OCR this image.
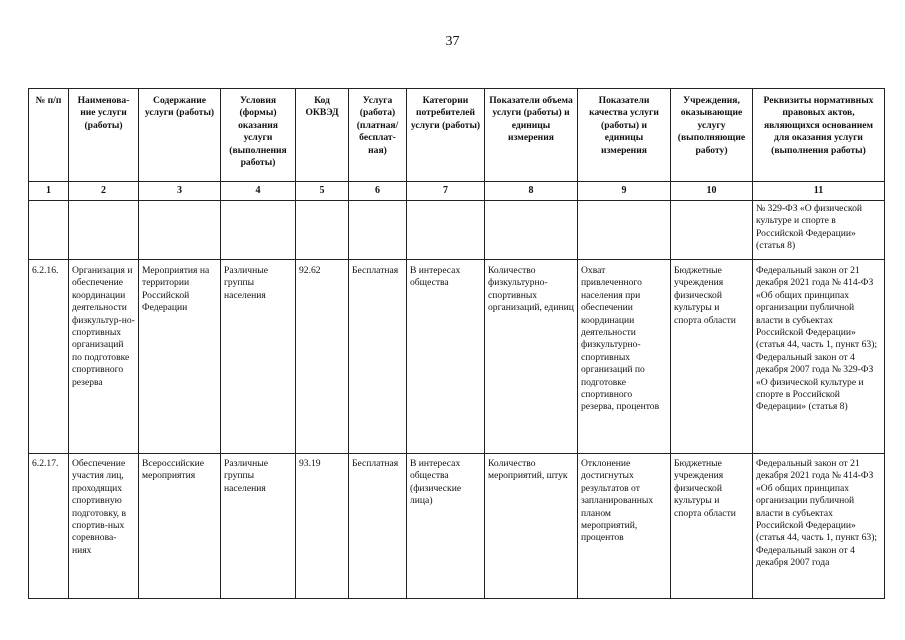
37
№ п/п	Наименова-ние услуги (работы)	Содержание услуги (работы)	Условия (формы) оказания услуги (выполнения работы)	Код ОКВЭД	Услуга (работа) (платная/ бесплат-ная)	Категории потребителей услуги (работы)	Показатели объема услуги (работы) и единицы измерения	Показатели качества услуги (работы) и единицы измерения	Учреждения, оказывающие услугу (выполняющие работу)	Реквизиты нормативных правовых актов, являющихся основанием для оказания услуги (выполнения работы)
1	2	3	4	5	6	7	8	9	10	11
										№ 329-ФЗ «О физической культуре и спорте в Российской Федерации» (статья 8)
6.2.16.	Организация и обеспечение координации деятельности физкультур-но-спортивных организаций по подготовке спортивного резерва	Мероприятия на территории Российской Федерации	Различные группы населения	92.62	Бесплатная	В интересах общества	Количество физкультурно-спортивных организаций, единиц	Охват привлеченного населения при обеспечении координации деятельности физкультурно-спортивных организаций по подготовке спортивного резерва, процентов	Бюджетные учреждения физической культуры и спорта области	Федеральный закон от 21 декабря 2021 года № 414-ФЗ «Об общих принципах организации публичной власти в субъектах Российской Федерации» (статья 44, часть 1, пункт 63); Федеральный закон от 4 декабря 2007 года № 329-ФЗ «О физической культуре и спорте в Российской Федерации» (статья 8)
6.2.17.	Обеспечение участия лиц, проходящих спортивную подготовку, в спортив-ных соревнова-ниях	Всероссийские мероприятия	Различные группы населения	93.19	Бесплатная	В интересах общества (физические лица)	Количество мероприятий, штук	Отклонение достигнутых результатов от запланированных планом мероприятий, процентов	Бюджетные учреждения физической культуры и спорта области	Федеральный закон от 21 декабря 2021 года № 414-ФЗ «Об общих принципах организации публичной власти в субъектах Российской Федерации» (статья 44, часть 1, пункт 63); Федеральный закон от 4 декабря 2007 года
